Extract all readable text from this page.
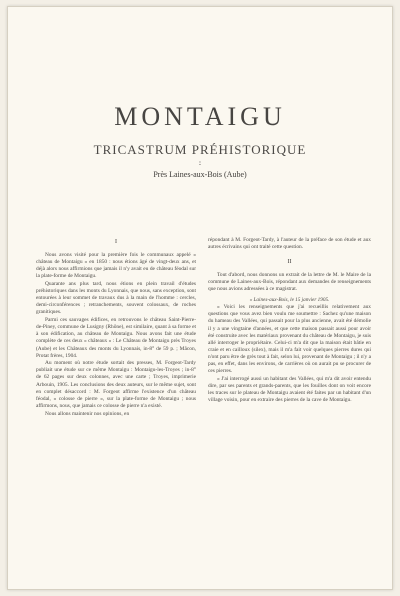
MONTAIGU
TRICASTRUM PRÉHISTORIQUE
:
Près Laines-aux-Bois (Aube)
I

Nous avons visité pour la première fois le communaux appelé « château de Montaigu » en 1850 : nous étions âgé de vingt-deux ans, et déjà alors nous affirmions que jamais il n'y avait eu de château féodal sur la plate-forme de Montaigu.

Quarante ans plus tard, nous étions en plein travail d'études préhistoriques dans les monts du Lyonnais, que nous, sans exception, sont entourées à leur sommet de travaux dus à la main de l'homme : cercles, demi-circonférences ; retranchements, souvent colossaux, de roches granitiques.

Parmi ces sauvages édifices, en retrouvons le château Saint-Pierre-de-Piney, commune de Lusigny (Rhône), est similaire, quant à sa forme et à son édification, au château de Montaigu. Nous avons fait une étude complète de ces deux « châteaux » : Le Château de Montaigu près Troyes (Aube) et les Châteaux des monts du Lyonnais, in-8° de 59 p. ; Mâcon, Protat frères, 1904.

Au moment où notre étude sortait des presses, M. Forgeot-Tardy publiait une étude sur ce même Montaigu : Montaigu-les-Troyes ; in-8° de 62 pages sur deux colonnes, avec une carte ; Troyes, imprimerie Arbouin, 1905. Les conclusions des deux auteurs, sur le même sujet, sont en complet désaccord : M. Forgeot affirme l'existence d'un château féodal, « colosse de pierre », sur la plate-forme de Montaigu ; nous affirmons, nous, que jamais ce colosse de pierre n'a existé.

Nous allons maintenir nos opinions, en

répondant à M. Forgeot-Tardy, à l'auteur de la préface de son étude et aux autres écrivains qui ont traité cette question.

II

Tout d'abord, nous donnons un extrait de la lettre de M. le Maire de la commune de Laines-aux-Bois, répondant aux demandes de renseignements que nous avions adressées à ce magistrat.

« Laines-aux-Bois, le 15 janvier 1905.

« Voici les renseignements que j'ai recueillis relativement aux questions que vous avez bien voulu me soumettre : Sachez qu'une maison du hameau des Vallées, qui passait pour la plus ancienne, avait été démolie il y a une vingtaine d'années, et que cette maison passait aussi pour avoir été construite avec les matériaux provenant du château de Montaigu, je suis allé interroger le propriétaire. Celui-ci m'a dit que la maison était bâtie en craie et en cailloux (silex), mais il m'a fait voir quelques pierres dures qui n'ont paru être de grès tout à fait, selon lui, provenant de Montaigu ; il n'y a pas, en effet, dans les environs, de carrières où on aurait pu se procurer de ces pierres.

« J'ai interrogé aussi un habitant des Vallées, qui m'a dit avoir entendu dire, par ses parents et grands-parents, que les fouilles dont on voit encore les traces sur le plateau de Montaigu avaient été faites par un habitant d'un village voisin, pour en extraire des pierres de la cave de Montaigu.
